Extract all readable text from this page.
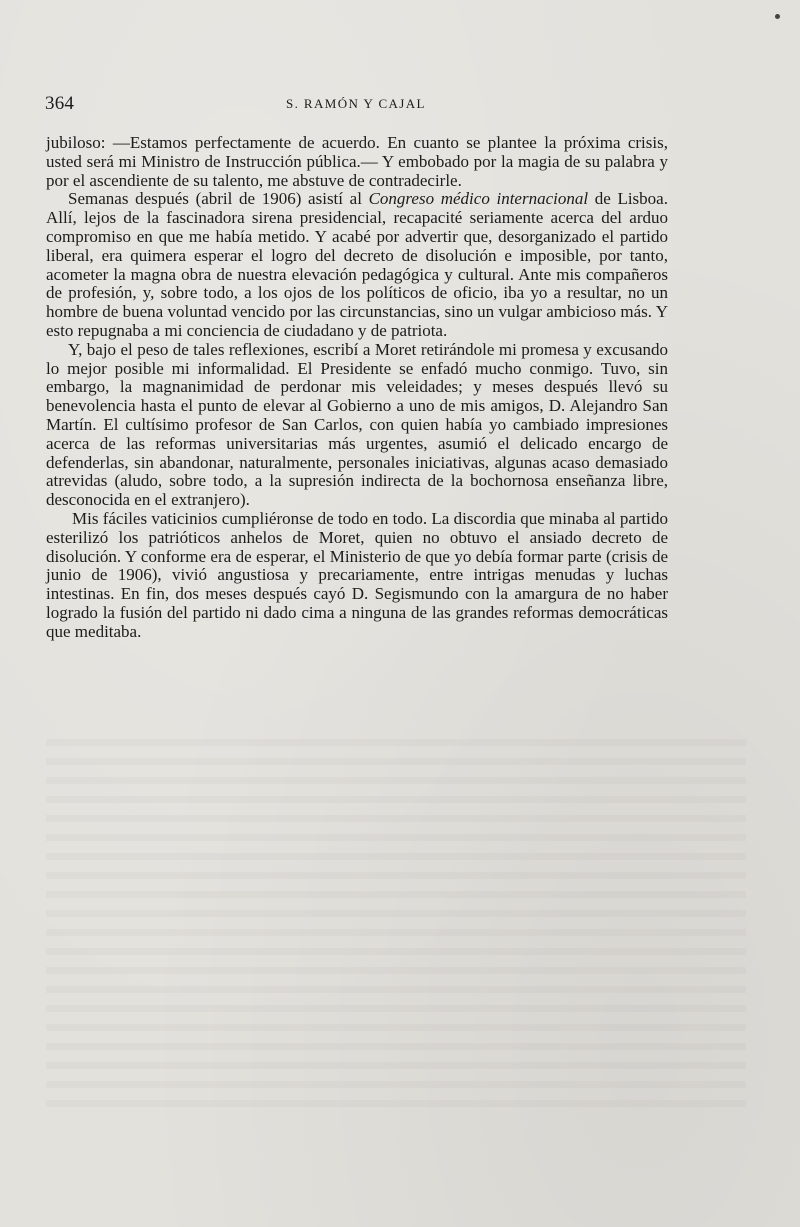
364	S. RAMÓN Y CAJAL

jubiloso: —Estamos perfectamente de acuerdo. En cuanto se plantee la próxima crisis, usted será mi Ministro de Instrucción pública.— Y embobado por la magia de su palabra y por el ascendiente de su talento, me abstuve de contradecirle.

Semanas después (abril de 1906) asistí al Congreso médico internacional de Lisboa. Allí, lejos de la fascinadora sirena presidencial, recapacité seriamente acerca del arduo compromiso en que me había metido. Y acabé por advertir que, desorganizado el partido liberal, era quimera esperar el logro del decreto de disolución e imposible, por tanto, acometer la magna obra de nuestra elevación pedagógica y cultural. Ante mis compañeros de profesión, y, sobre todo, a los ojos de los políticos de oficio, iba yo a resultar, no un hombre de buena voluntad vencido por las circunstancias, sino un vulgar ambicioso más. Y esto repugnaba a mi conciencia de ciudadano y de patriota.

Y, bajo el peso de tales reflexiones, escribí a Moret retirándole mi promesa y excusando lo mejor posible mi informalidad. El Presidente se enfadó mucho conmigo. Tuvo, sin embargo, la magnanimidad de perdonar mis veleidades; y meses después llevó su benevolencia hasta el punto de elevar al Gobierno a uno de mis amigos, D. Alejandro San Martín. El cultísimo profesor de San Carlos, con quien había yo cambiado impresiones acerca de las reformas universitarias más urgentes, asumió el delicado encargo de defenderlas, sin abandonar, naturalmente, personales iniciativas, algunas acaso demasiado atrevidas (aludo, sobre todo, a la supresión indirecta de la bochornosa enseñanza libre, desconocida en el extranjero).

Mis fáciles vaticinios cumpliéronse de todo en todo. La discordia que minaba al partido esterilizó los patrióticos anhelos de Moret, quien no obtuvo el ansiado decreto de disolución. Y conforme era de esperar, el Ministerio de que yo debía formar parte (crisis de junio de 1906), vivió angustiosa y precariamente, entre intrigas menudas y luchas intestinas. En fin, dos meses después cayó D. Segismundo con la amargura de no haber logrado la fusión del partido ni dado cima a ninguna de las grandes reformas democráticas que meditaba.
